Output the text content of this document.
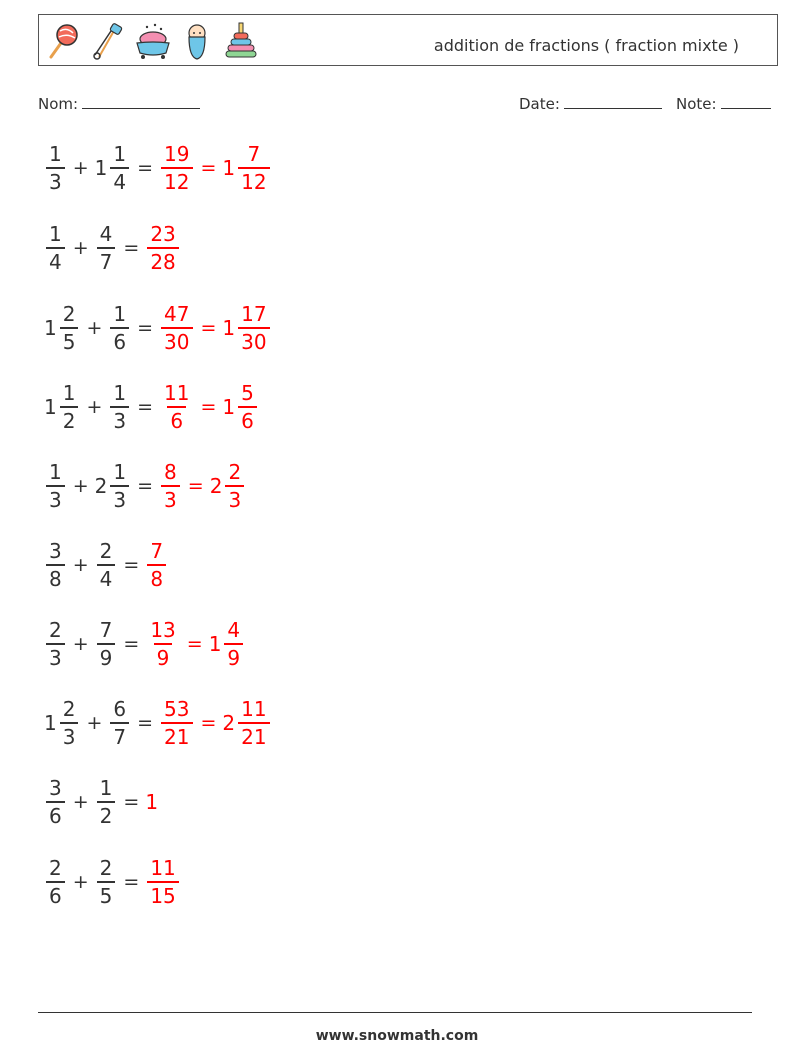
addition de fractions ( fraction mixte )
Nom:	Date:	Note:
$\frac{1}{3} + 1 \frac{1}{4} = \frac{19}{12} = 1 \frac{7}{12}$
$\frac{1}{4} + \frac{4}{7} = \frac{23}{28}$
$1 \frac{2}{5} + \frac{1}{6} = \frac{47}{30} = 1 \frac{17}{30}$
$1 \frac{1}{2} + \frac{1}{3} = \frac{11}{6} = 1 \frac{5}{6}$
$\frac{1}{3} + 2 \frac{1}{3} = \frac{8}{3} = 2 \frac{2}{3}$
$\frac{3}{8} + \frac{2}{4} = \frac{7}{8}$
$\frac{2}{3} + \frac{7}{9} = \frac{13}{9} = 1 \frac{4}{9}$
$1 \frac{2}{3} + \frac{6}{7} = \frac{53}{21} = 2 \frac{11}{21}$
$\frac{3}{6} + \frac{1}{2} = 1$
$\frac{2}{6} + \frac{2}{5} = \frac{11}{15}$
www.snowmath.com
